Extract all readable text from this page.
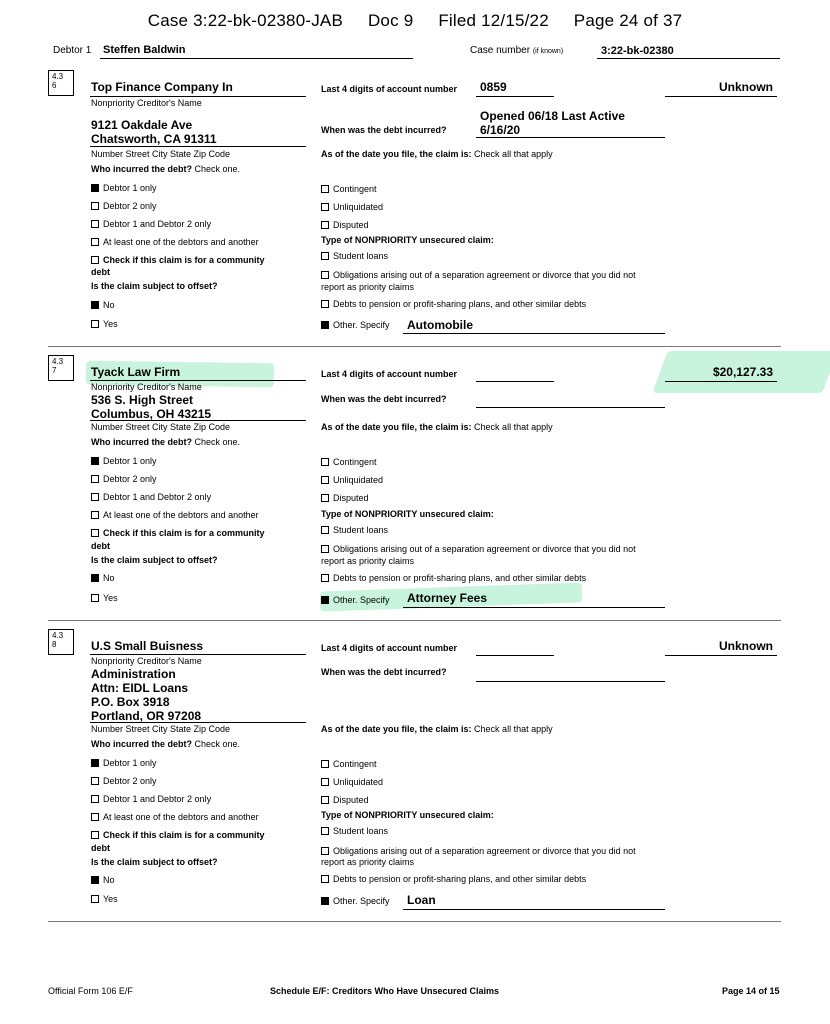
Case 3:22-bk-02380-JAB Doc 9 Filed 12/15/22 Page 24 of 37
Debtor 1 Steffen Baldwin	Case number (if known)	3:22-bk-02380
4.3
6	Top Finance Company In
Nonpriority Creditor's Name
9121 Oakdale Ave
Chatsworth, CA 91311
Number Street City State Zip Code
Who incurred the debt? Check one.
Debtor 1 only
Debtor 2 only
Debtor 1 and Debtor 2 only
At least one of the debtors and another
Check if this claim is for a community
debt
Is the claim subject to offset?
No
Yes
Last 4 digits of account number 0859	Unknown
Opened 06/18 Last Active
6/16/20
When was the debt incurred?
As of the date you file, the claim is: Check all that apply
Contingent
Unliquidated
Disputed
Type of NONPRIORITY unsecured claim:
Student loans
Obligations arising out of a separation agreement or divorce that you did not
report as priority claims
Debts to pension or profit-sharing plans, and other similar debts
Other. Specify Automobile
4.3
7	Tyack Law Firm
Nonpriority Creditor's Name
536 S. High Street
Columbus, OH 43215
Number Street City State Zip Code
Who incurred the debt? Check one.
Debtor 1 only
Debtor 2 only
Debtor 1 and Debtor 2 only
At least one of the debtors and another
Check if this claim is for a community
debt
Is the claim subject to offset?
No
Yes
Last 4 digits of account number	$20,127.33
When was the debt incurred?
As of the date you file, the claim is: Check all that apply
Contingent
Unliquidated
Disputed
Type of NONPRIORITY unsecured claim:
Student loans
Obligations arising out of a separation agreement or divorce that you did not
report as priority claims
Debts to pension or profit-sharing plans, and other similar debts
Other. Specify Attorney Fees
4.3
8	U.S Small Buisness
Nonpriority Creditor's Name
Administration
Attn: EIDL Loans
P.O. Box 3918
Portland, OR 97208
Number Street City State Zip Code
Who incurred the debt? Check one.
Debtor 1 only
Debtor 2 only
Debtor 1 and Debtor 2 only
At least one of the debtors and another
Check if this claim is for a community
debt
Is the claim subject to offset?
No
Yes
Last 4 digits of account number	Unknown
When was the debt incurred?
As of the date you file, the claim is: Check all that apply
Contingent
Unliquidated
Disputed
Type of NONPRIORITY unsecured claim:
Student loans
Obligations arising out of a separation agreement or divorce that you did not
report as priority claims
Debts to pension or profit-sharing plans, and other similar debts
Other. Specify Loan
Official Form 106 E/F	Schedule E/F: Creditors Who Have Unsecured Claims	Page 14 of 15
